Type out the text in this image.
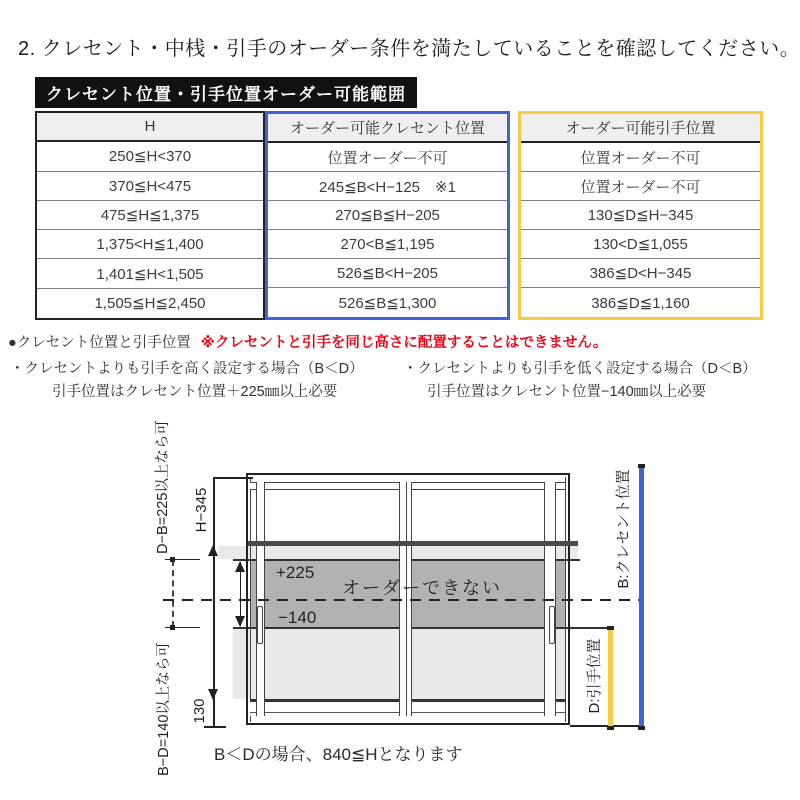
2. クレセント・中桟・引手のオーダー条件を満たしていることを確認してください。
クレセント位置・引手位置オーダー可能範囲
H
250≦H<370
370≦H<475
475≦H≦1,375
1,375<H≦1,400
1,401≦H<1,505
1,505≦H≦2,450
オーダー可能クレセント位置
位置オーダー不可
245≦B<H−125　※1
270≦B≦H−205
270<B≦1,195
526≦B<H−205
526≦B≦1,300
オーダー可能引手位置
位置オーダー不可
位置オーダー不可
130≦D≦H−345
130<D≦1,055
386≦D<H−345
386≦D≦1,160
●クレセント位置と引手位置 ※クレセントと引手を同じ高さに配置することはできません。
・クレセントよりも引手を高く設定する場合（B＜D）	・クレセントよりも引手を低く設定する場合（D＜B）
引手位置はクレセント位置＋225㎜以上必要	引手位置はクレセント位置−140㎜以上必要
H−345
130
+225
−140
オーダーできない
D−B=225以上なら可
B−D=140以上なら可
B:クレセント位置
D:引手位置
B＜Dの場合、840≦Hとなります
